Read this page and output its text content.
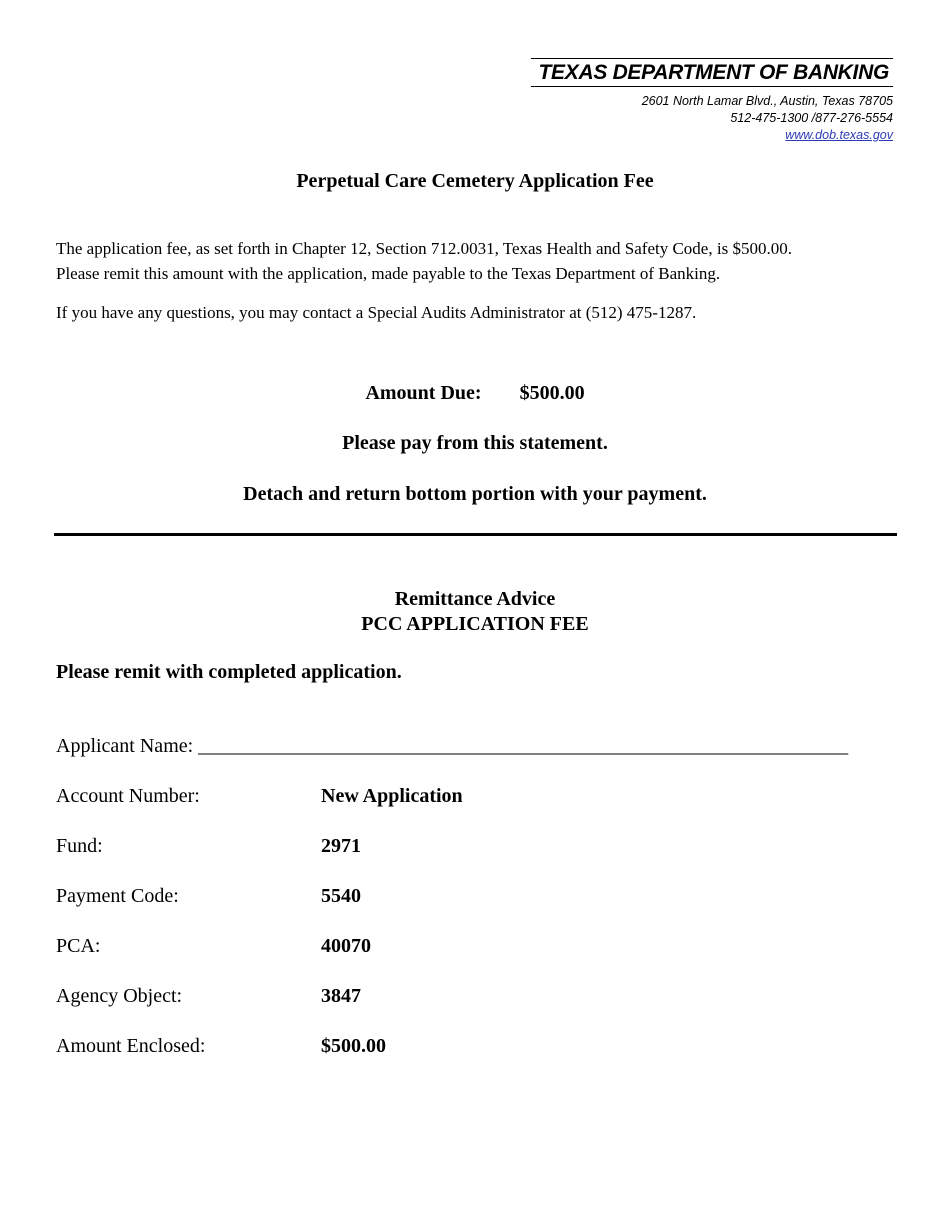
TEXAS DEPARTMENT OF BANKING
2601 North Lamar Blvd., Austin, Texas 78705
512-475-1300 /877-276-5554
www.dob.texas.gov
Perpetual Care Cemetery Application Fee
The application fee, as set forth in Chapter 12, Section 712.0031, Texas Health and Safety Code, is $500.00.
Please remit this amount with the application, made payable to the Texas Department of Banking.
If you have any questions, you may contact a Special Audits Administrator at (512) 475-1287.
Amount Due: $500.00
Please pay from this statement.
Detach and return bottom portion with your payment.
Remittance Advice
PCC APPLICATION FEE
Please remit with completed application.
Applicant Name: _________________________________________________________________
Account Number:	New Application
Fund:	2971
Payment Code:	5540
PCA:	40070
Agency Object:	3847
Amount Enclosed:	$500.00
